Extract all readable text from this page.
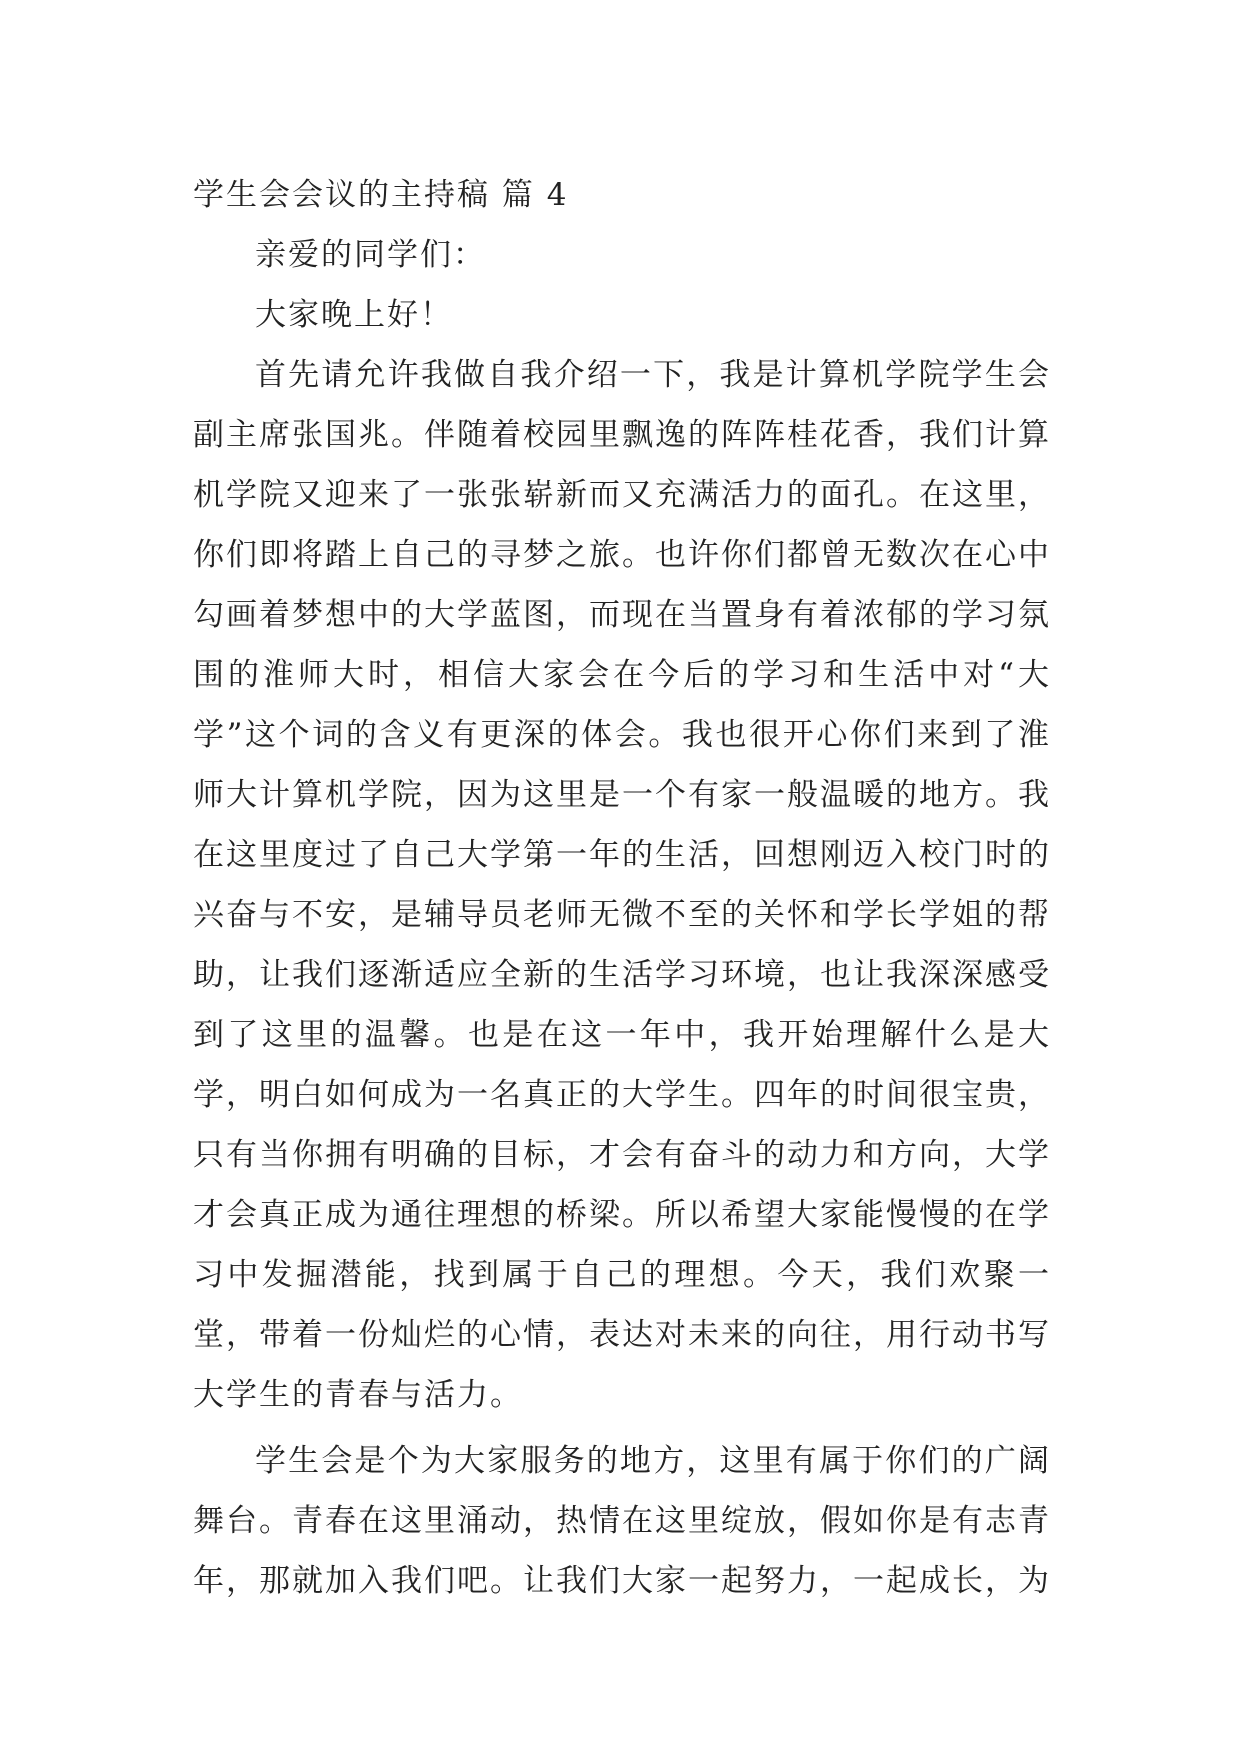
学生会会议的主持稿 篇 4

亲爱的同学们：

大家晚上好！

首先请允许我做自我介绍一下，我是计算机学院学生会副主席张国兆。伴随着校园里飘逸的阵阵桂花香，我们计算机学院又迎来了一张张崭新而又充满活力的面孔。在这里，你们即将踏上自己的寻梦之旅。也许你们都曾无数次在心中勾画着梦想中的大学蓝图，而现在当置身有着浓郁的学习氛围的淮师大时，相信大家会在今后的学习和生活中对“大学”这个词的含义有更深的体会。我也很开心你们来到了淮师大计算机学院，因为这里是一个有家一般温暖的地方。我在这里度过了自己大学第一年的生活，回想刚迈入校门时的兴奋与不安，是辅导员老师无微不至的关怀和学长学姐的帮助，让我们逐渐适应全新的生活学习环境，也让我深深感受到了这里的温馨。也是在这一年中，我开始理解什么是大学，明白如何成为一名真正的大学生。四年的时间很宝贵，只有当你拥有明确的目标，才会有奋斗的动力和方向，大学才会真正成为通往理想的桥梁。所以希望大家能慢慢的在学习中发掘潜能，找到属于自己的理想。今天，我们欢聚一堂，带着一份灿烂的心情，表达对未来的向往，用行动书写大学生的青春与活力。

学生会是个为大家服务的地方，这里有属于你们的广阔舞台。青春在这里涌动，热情在这里绽放，假如你是有志青年，那就加入我们吧。让我们大家一起努力，一起成长，为
